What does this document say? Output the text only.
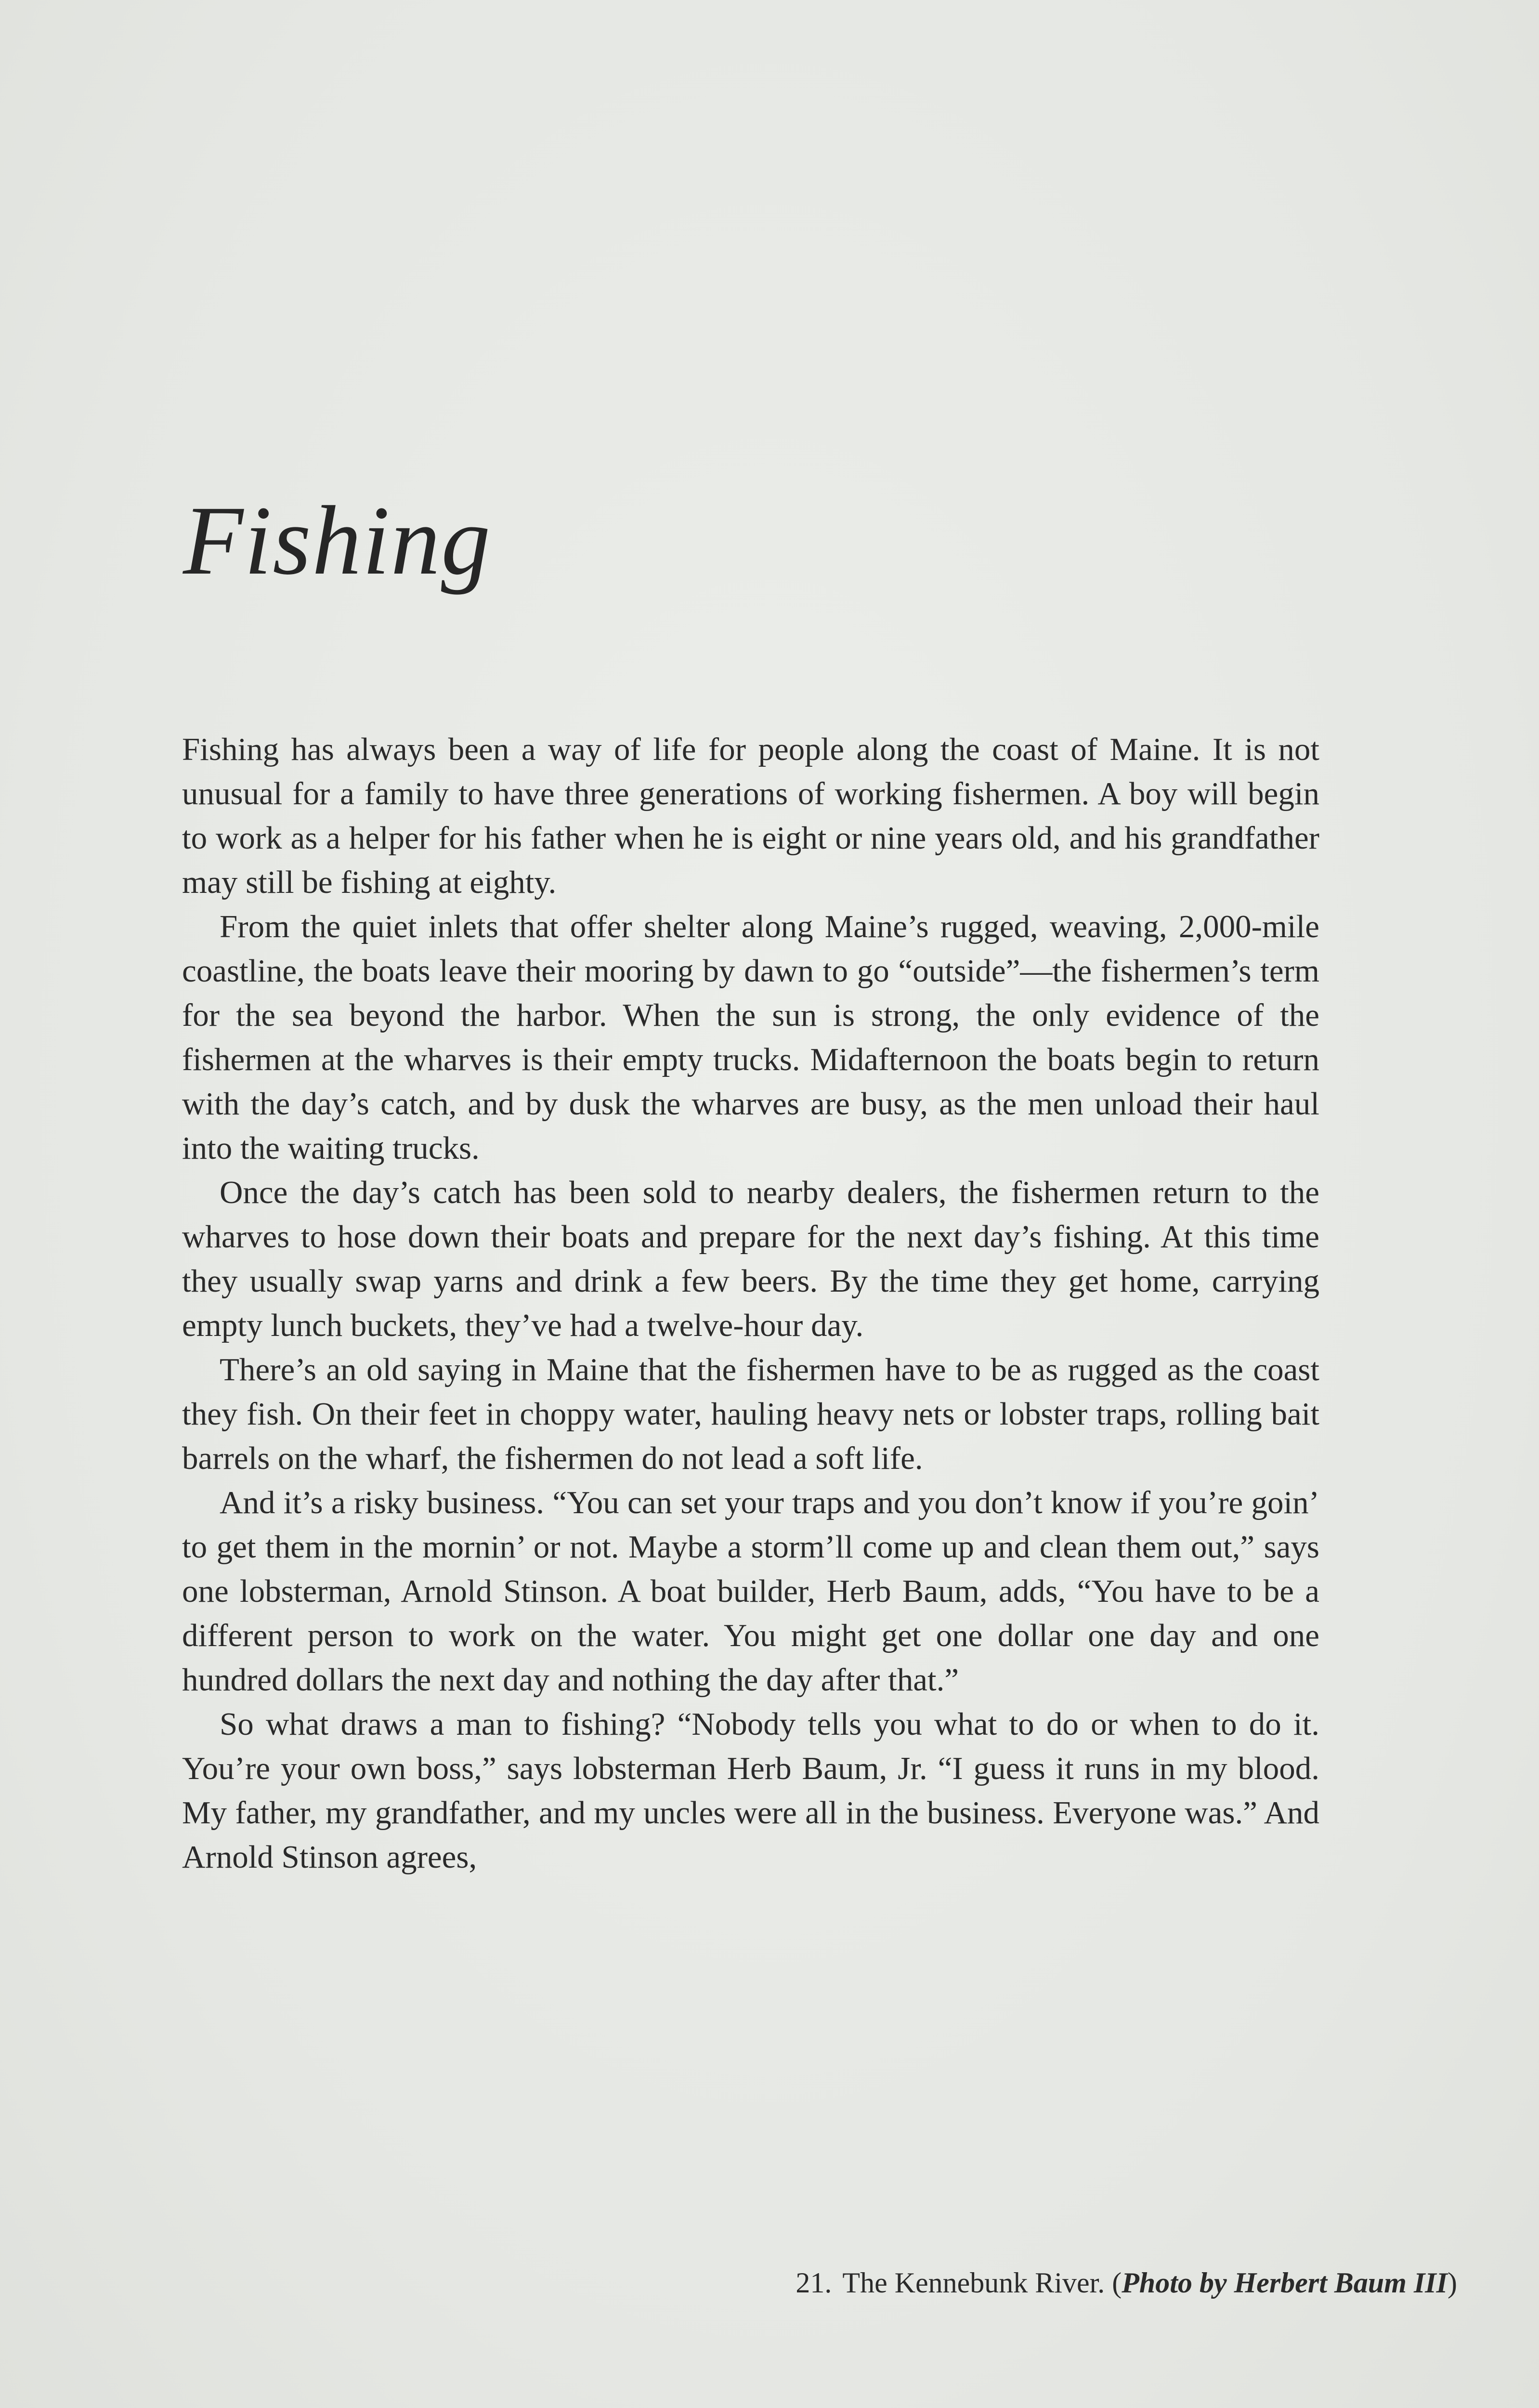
Fishing

Fishing has always been a way of life for people along the coast of Maine. It is not unusual for a family to have three generations of working fishermen. A boy will begin to work as a helper for his father when he is eight or nine years old, and his grandfather may still be fishing at eighty.

From the quiet inlets that offer shelter along Maine’s rugged, weaving, 2,000-mile coastline, the boats leave their mooring by dawn to go “outside”—the fishermen’s term for the sea beyond the harbor. When the sun is strong, the only evidence of the fishermen at the wharves is their empty trucks. Midafternoon the boats begin to return with the day’s catch, and by dusk the wharves are busy, as the men unload their haul into the waiting trucks.

Once the day’s catch has been sold to nearby dealers, the fishermen return to the wharves to hose down their boats and prepare for the next day’s fishing. At this time they usually swap yarns and drink a few beers. By the time they get home, carrying empty lunch buckets, they’ve had a twelve-hour day.

There’s an old saying in Maine that the fishermen have to be as rugged as the coast they fish. On their feet in choppy water, hauling heavy nets or lobster traps, rolling bait barrels on the wharf, the fishermen do not lead a soft life.

And it’s a risky business. “You can set your traps and you don’t know if you’re goin’ to get them in the mornin’ or not. Maybe a storm’ll come up and clean them out,” says one lobsterman, Arnold Stinson. A boat builder, Herb Baum, adds, “You have to be a different person to work on the water. You might get one dollar one day and one hundred dollars the next day and nothing the day after that.”

So what draws a man to fishing? “Nobody tells you what to do or when to do it. You’re your own boss,” says lobsterman Herb Baum, Jr. “I guess it runs in my blood. My father, my grandfather, and my uncles were all in the business. Everyone was.” And Arnold Stinson agrees,

21. The Kennebunk River. (Photo by Herbert Baum III)
